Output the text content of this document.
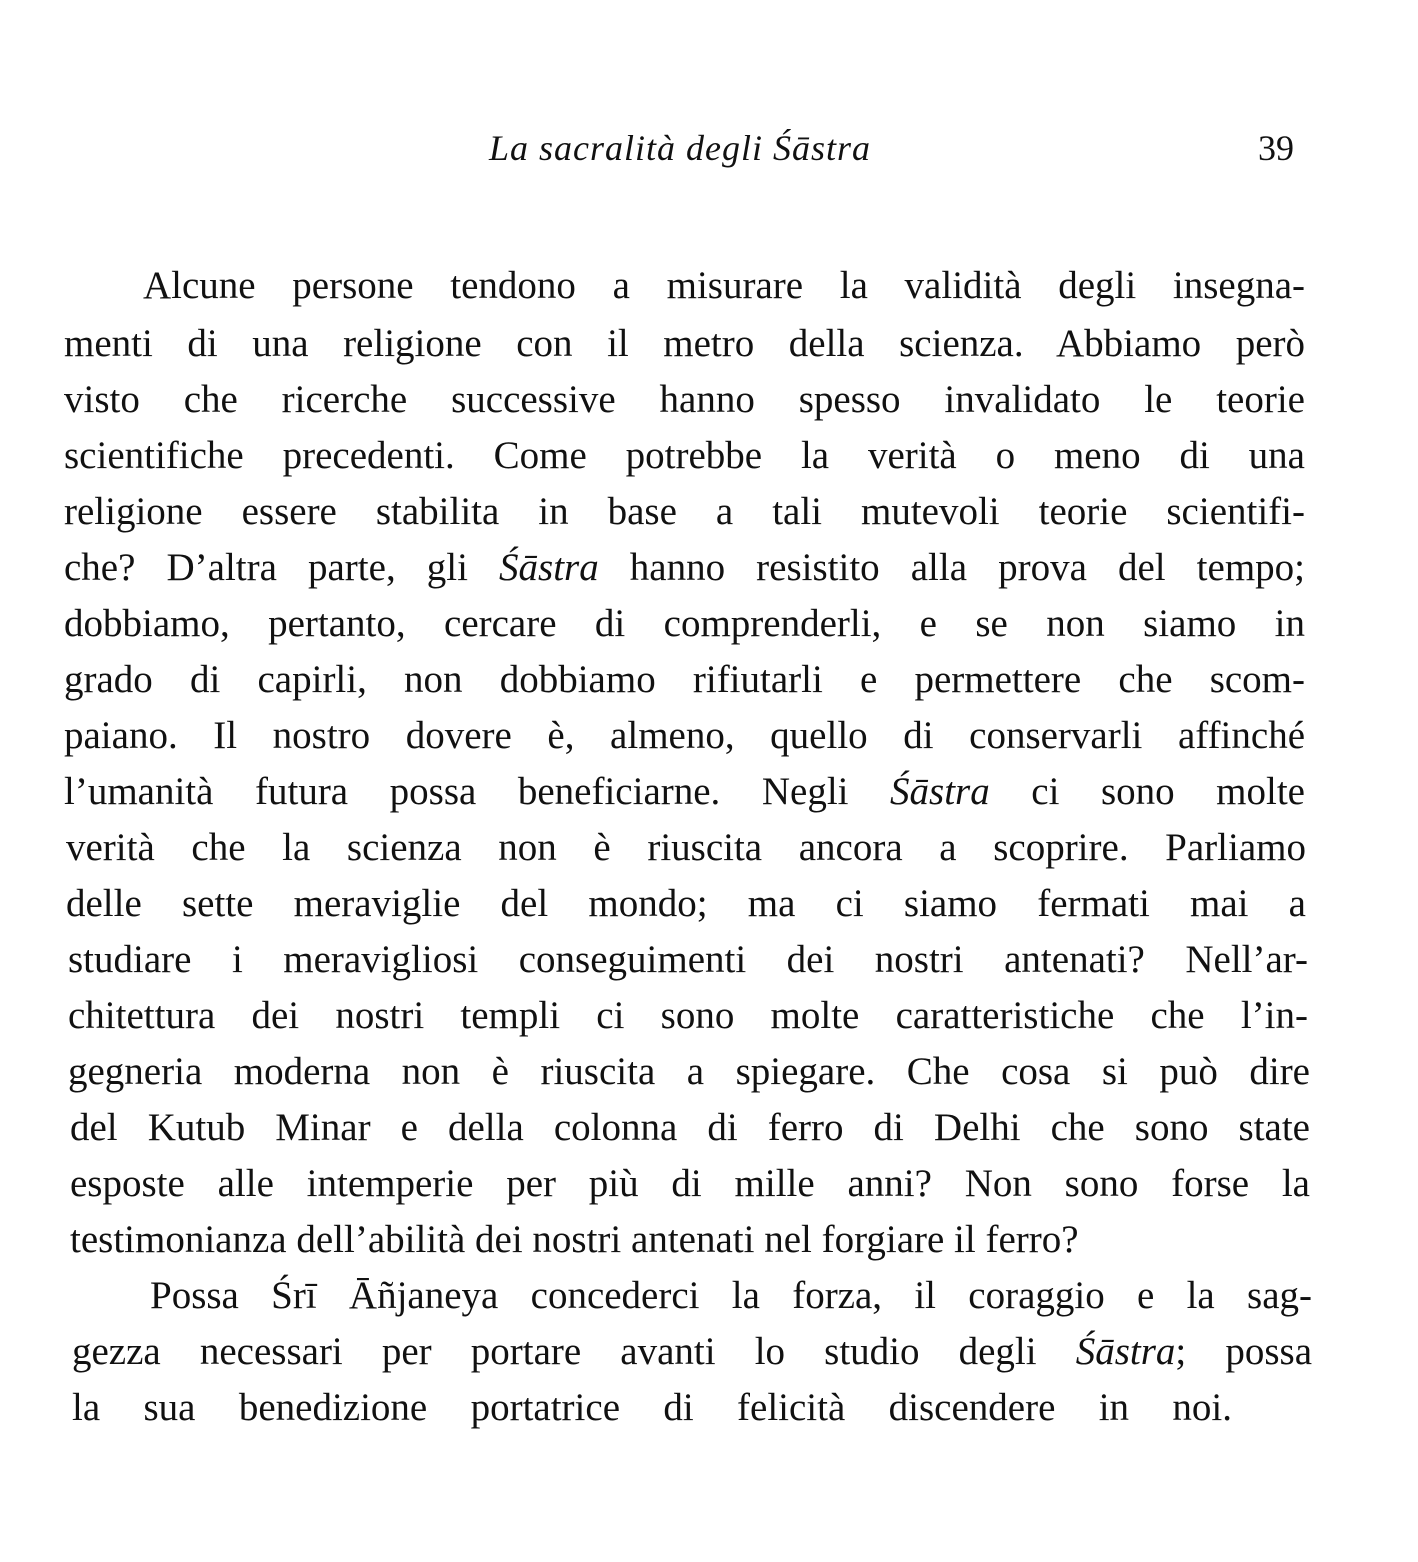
La sacralità degli Śāstra	39
Alcune persone tendono a misurare la validità degli insegna-
menti di una religione con il metro della scienza. Abbiamo però
visto che ricerche successive hanno spesso invalidato le teorie
scientifiche precedenti. Come potrebbe la verità o meno di una
religione essere stabilita in base a tali mutevoli teorie scientifi-
che? D’altra parte, gli Śāstra hanno resistito alla prova del tempo;
dobbiamo, pertanto, cercare di comprenderli, e se non siamo in
grado di capirli, non dobbiamo rifiutarli e permettere che scom-
paiano. Il nostro dovere è, almeno, quello di conservarli affinché
l’umanità futura possa beneficiarne. Negli Śāstra ci sono molte
verità che la scienza non è riuscita ancora a scoprire. Parliamo
delle sette meraviglie del mondo; ma ci siamo fermati mai a
studiare i meravigliosi conseguimenti dei nostri antenati? Nell’ar-
chitettura dei nostri templi ci sono molte caratteristiche che l’in-
gegneria moderna non è riuscita a spiegare. Che cosa si può dire
del Kutub Minar e della colonna di ferro di Delhi che sono state
esposte alle intemperie per più di mille anni? Non sono forse la
testimonianza dell’abilità dei nostri antenati nel forgiare il ferro?
Possa Śrī Āñjaneya concederci la forza, il coraggio e la sag-
gezza necessari per portare avanti lo studio degli Śāstra; possa
la sua benedizione portatrice di felicità discendere in noi.
